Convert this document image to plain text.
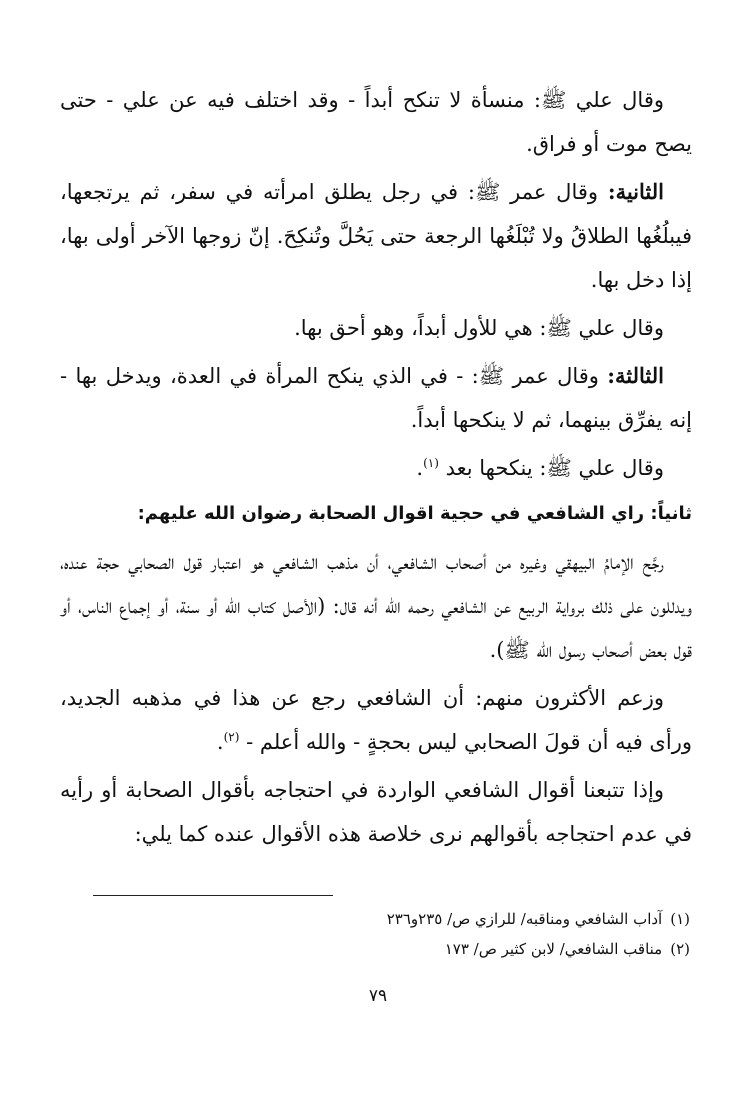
وقال علي ﷺ: منسأة لا تنكح أبداً - وقد اختلف فيه عن علي - حتى يصح موت أو فراق.

الثانية: وقال عمر ﷺ: في رجل يطلق امرأته في سفر، ثم يرتجعها، فيبلُغُها الطلاقُ ولا تُبْلَغُها الرجعة حتى يَحُلَّ وتُنكِحَ. إنّ زوجها الآخر أولى بها، إذا دخل بها.

وقال علي ﷺ: هي للأول أبداً، وهو أحق بها.

الثالثة: وقال عمر ﷺ: - في الذي ينكح المرأة في العدة، ويدخل بها - إنه يفرِّق بينهما، ثم لا ينكحها أبداً.

وقال علي ﷺ: ينكحها بعد $^{(١)}$.

ثانياً: راي الشافعي في حجية اقوال الصحابة رضوان الله عليهم:

رجَّح الإمامُ البيهقي وغيره من أصحاب الشافعي، أن مذهب الشافعي هو اعتبار قول الصحابي حجة عنده، ويدللون على ذلك برواية الربيع عن الشافعي رحمه الله أنه قال: (الأصل كتاب الله أو سنة، أو إجماع الناس، أو قول بعض أصحاب رسول الله ﷺ).

وزعم الأكثرون منهم: أن الشافعي رجع عن هذا في مذهبه الجديد، ورأى فيه أن قولَ الصحابي ليس بحجةٍ - والله أعلم - $^{(٢)}$.

وإذا تتبعنا أقوال الشافعي الواردة في احتجاجه بأقوال الصحابة أو رأيه في عدم احتجاجه بأقوالهم نرى خلاصة هذه الأقوال عنده كما يلي:

(١)آداب الشافعي ومناقبه/ للرازي ص/ ٢٣٥و٢٣٦
(٢)مناقب الشافعي/ لابن كثير ص/ ١٧٣
٧٩
